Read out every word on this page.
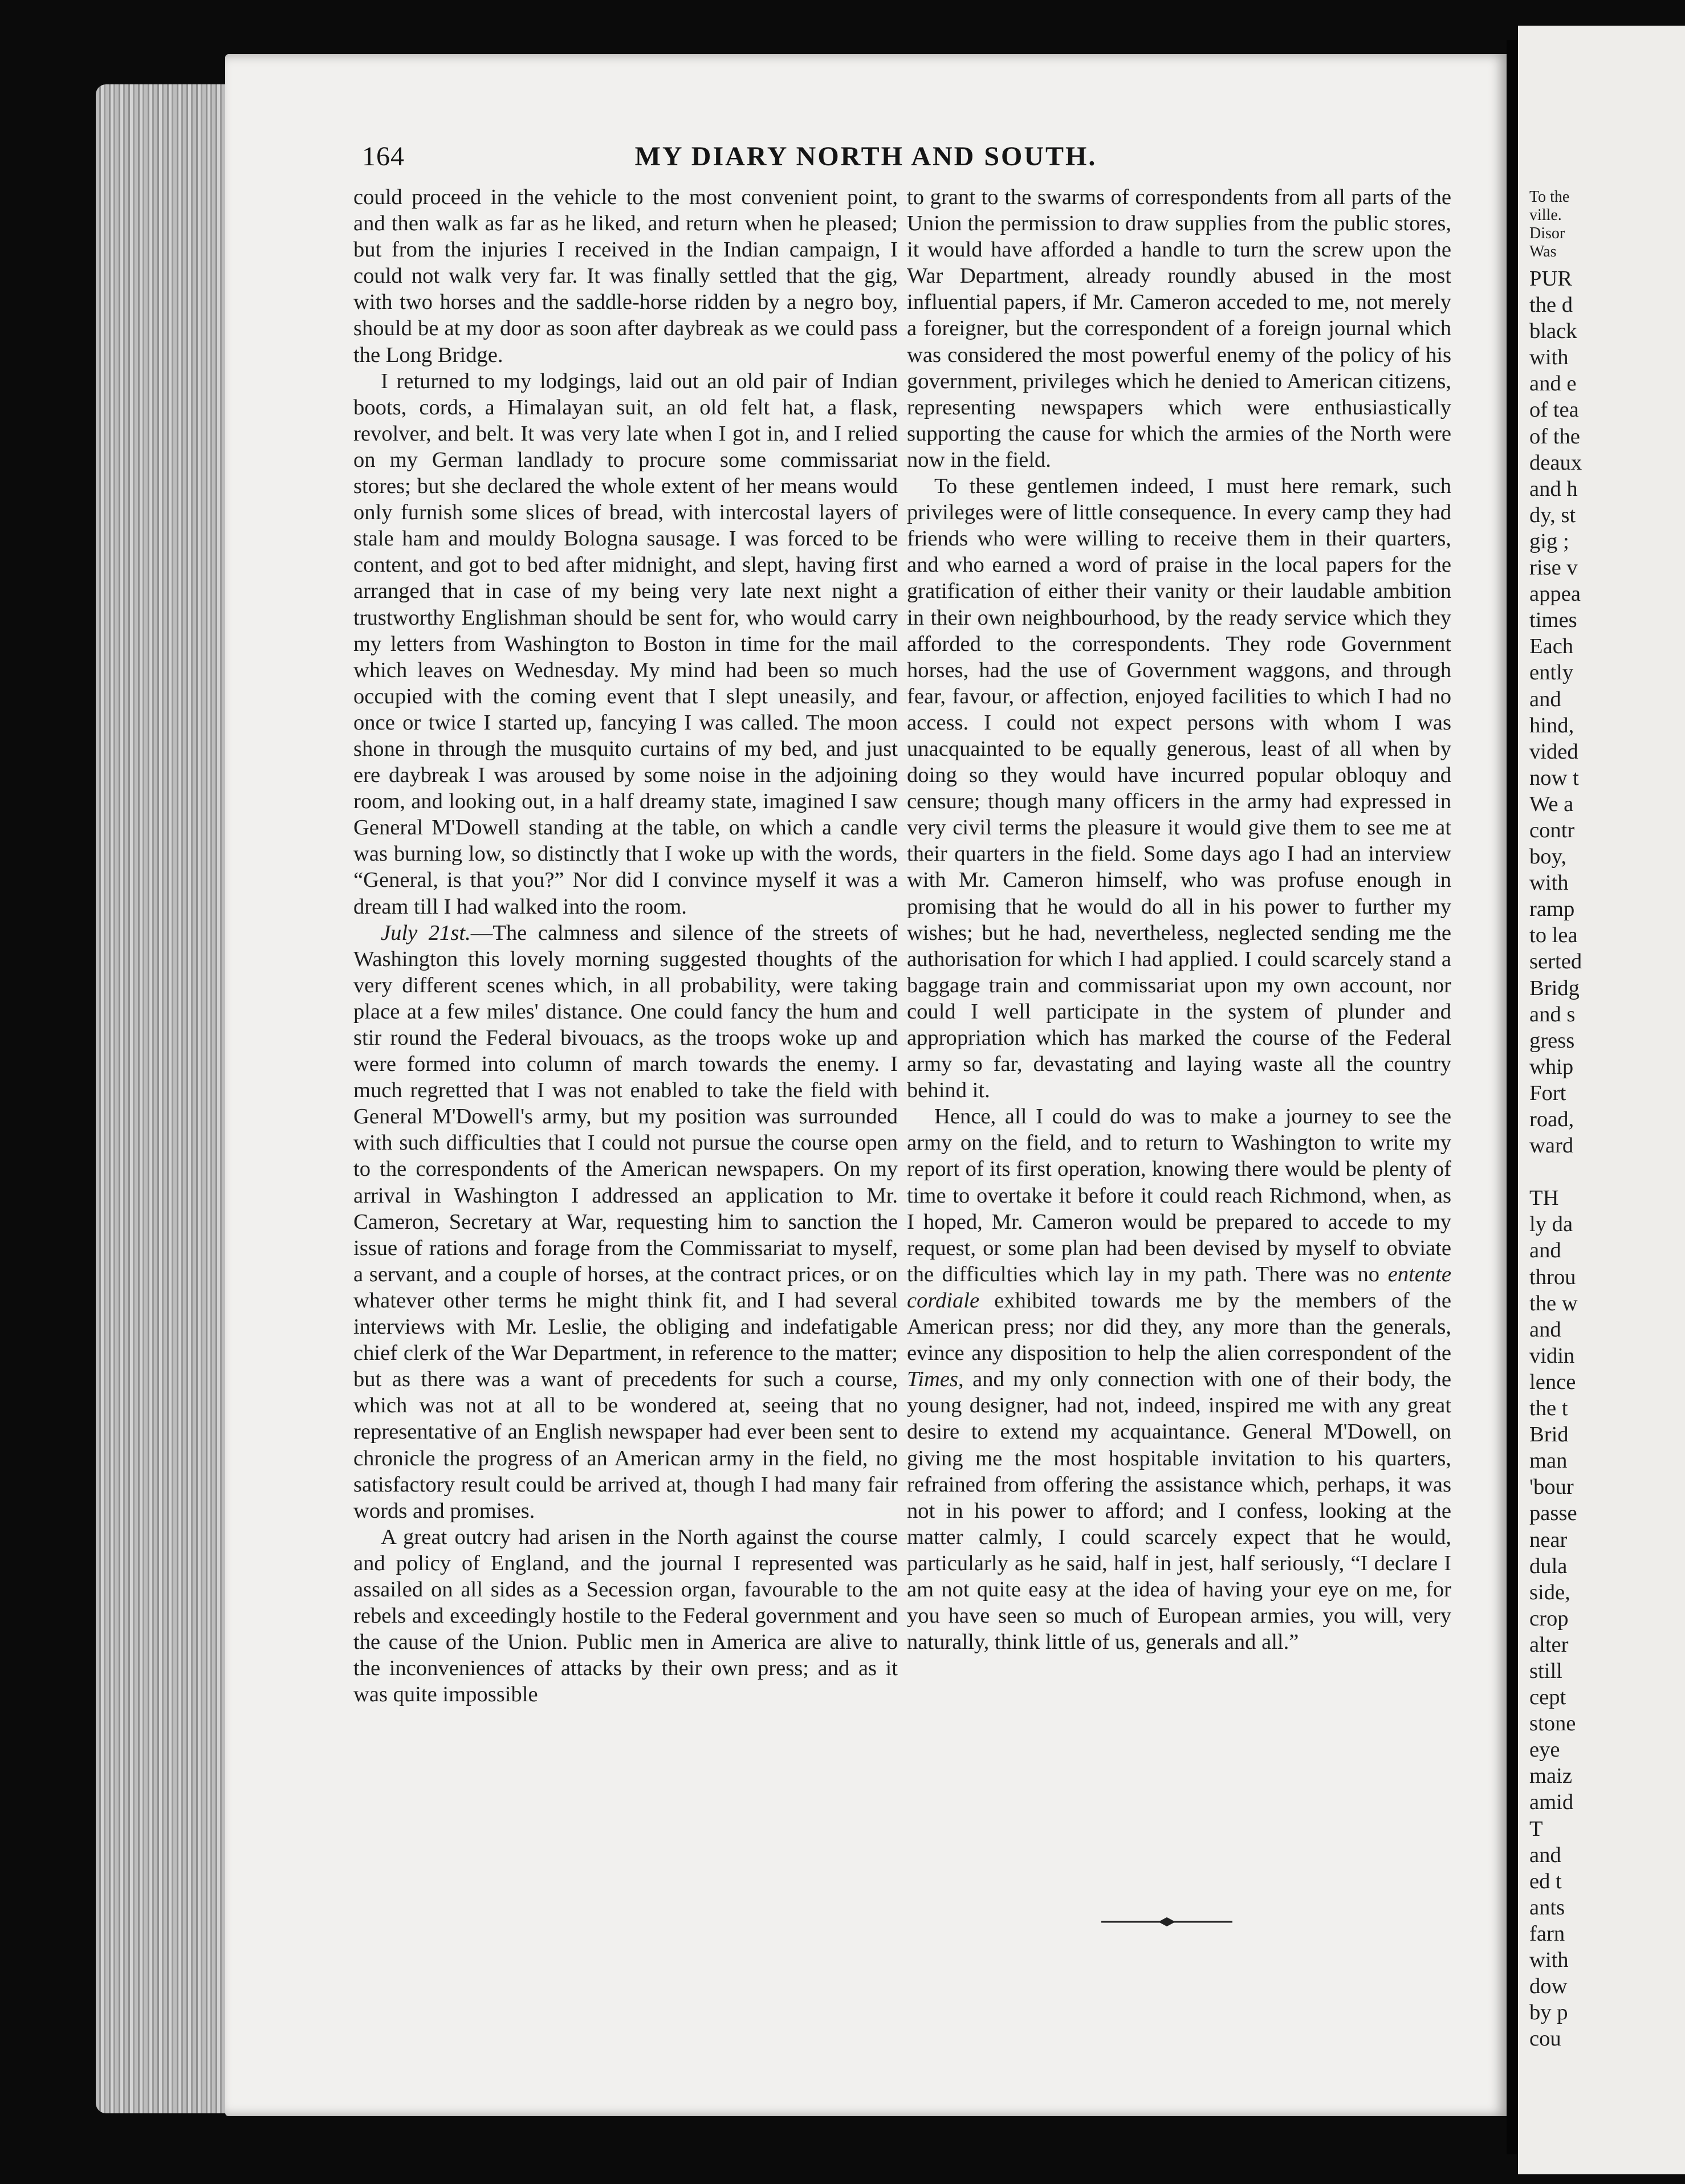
164	MY DIARY NORTH AND SOUTH.

could proceed in the vehicle to the most convenient point, and then walk as far as he liked, and return when he pleased; but from the injuries I received in the Indian campaign, I could not walk very far. It was finally settled that the gig, with two horses and the saddle-horse ridden by a negro boy, should be at my door as soon after daybreak as we could pass the Long Bridge.

I returned to my lodgings, laid out an old pair of Indian boots, cords, a Himalayan suit, an old felt hat, a flask, revolver, and belt. It was very late when I got in, and I relied on my German landlady to procure some commissariat stores; but she declared the whole extent of her means would only furnish some slices of bread, with intercostal layers of stale ham and mouldy Bologna sausage. I was forced to be content, and got to bed after midnight, and slept, having first arranged that in case of my being very late next night a trustworthy Englishman should be sent for, who would carry my letters from Washington to Boston in time for the mail which leaves on Wednesday. My mind had been so much occupied with the coming event that I slept uneasily, and once or twice I started up, fancying I was called. The moon shone in through the musquito curtains of my bed, and just ere daybreak I was aroused by some noise in the adjoining room, and looking out, in a half dreamy state, imagined I saw General M'Dowell standing at the table, on which a candle was burning low, so distinctly that I woke up with the words, “General, is that you?” Nor did I convince myself it was a dream till I had walked into the room.

July 21st.—The calmness and silence of the streets of Washington this lovely morning suggested thoughts of the very different scenes which, in all probability, were taking place at a few miles' distance. One could fancy the hum and stir round the Federal bivouacs, as the troops woke up and were formed into column of march towards the enemy. I much regretted that I was not enabled to take the field with General M'Dowell's army, but my position was surrounded with such difficulties that I could not pursue the course open to the correspondents of the American newspapers. On my arrival in Washington I addressed an application to Mr. Cameron, Secretary at War, requesting him to sanction the issue of rations and forage from the Commissariat to myself, a servant, and a couple of horses, at the contract prices, or on whatever other terms he might think fit, and I had several interviews with Mr. Leslie, the obliging and indefatigable chief clerk of the War Department, in reference to the matter; but as there was a want of precedents for such a course, which was not at all to be wondered at, seeing that no representative of an English newspaper had ever been sent to chronicle the progress of an American army in the field, no satisfactory result could be arrived at, though I had many fair words and promises.

A great outcry had arisen in the North against the course and policy of England, and the journal I represented was assailed on all sides as a Secession organ, favourable to the rebels and exceedingly hostile to the Federal government and the cause of the Union. Public men in America are alive to the inconveniences of attacks by their own press; and as it was quite impossible

to grant to the swarms of correspondents from all parts of the Union the permission to draw supplies from the public stores, it would have afforded a handle to turn the screw upon the War Department, already roundly abused in the most influential papers, if Mr. Cameron acceded to me, not merely a foreigner, but the correspondent of a foreign journal which was considered the most powerful enemy of the policy of his government, privileges which he denied to American citizens, representing newspapers which were enthusiastically supporting the cause for which the armies of the North were now in the field.

To these gentlemen indeed, I must here remark, such privileges were of little consequence. In every camp they had friends who were willing to receive them in their quarters, and who earned a word of praise in the local papers for the gratification of either their vanity or their laudable ambition in their own neighbourhood, by the ready service which they afforded to the correspondents. They rode Government horses, had the use of Government waggons, and through fear, favour, or affection, enjoyed facilities to which I had no access. I could not expect persons with whom I was unacquainted to be equally generous, least of all when by doing so they would have incurred popular obloquy and censure; though many officers in the army had expressed in very civil terms the pleasure it would give them to see me at their quarters in the field. Some days ago I had an interview with Mr. Cameron himself, who was profuse enough in promising that he would do all in his power to further my wishes; but he had, nevertheless, neglected sending me the authorisation for which I had applied. I could scarcely stand a baggage train and commissariat upon my own account, nor could I well participate in the system of plunder and appropriation which has marked the course of the Federal army so far, devastating and laying waste all the country behind it.

Hence, all I could do was to make a journey to see the army on the field, and to return to Washington to write my report of its first operation, knowing there would be plenty of time to overtake it before it could reach Richmond, when, as I hoped, Mr. Cameron would be prepared to accede to my request, or some plan had been devised by myself to obviate the difficulties which lay in my path. There was no entente cordiale exhibited towards me by the members of the American press; nor did they, any more than the generals, evince any disposition to help the alien correspondent of the Times, and my only connection with one of their body, the young designer, had not, indeed, inspired me with any great desire to extend my acquaintance. General M'Dowell, on giving me the most hospitable invitation to his quarters, refrained from offering the assistance which, perhaps, it was not in his power to afford; and I confess, looking at the matter calmly, I could scarcely expect that he would, particularly as he said, half in jest, half seriously, “I declare I am not quite easy at the idea of having your eye on me, for you have seen so much of European armies, you will, very naturally, think little of us, generals and all.”

To the
ville.
Disor
Was
PUR
the d
black
with
and e
of tea
of the
deaux
and h
dy, st
gig ;
rise v
appea
times
Each
ently
and
hind,
vided
now t
We a
contr
boy,
with
ramp
to lea
serted
Bridg
and s
gress
whip
Fort
road,
ward
TH
ly da
and
throu
the w
and
vidin
lence
the t
Brid
man
'bour
passe
near
dula
side,
crop
alter
still
cept
stone
eye
maiz
amid
T
and
ed t
ants
farn
with
dow
by p
cou
